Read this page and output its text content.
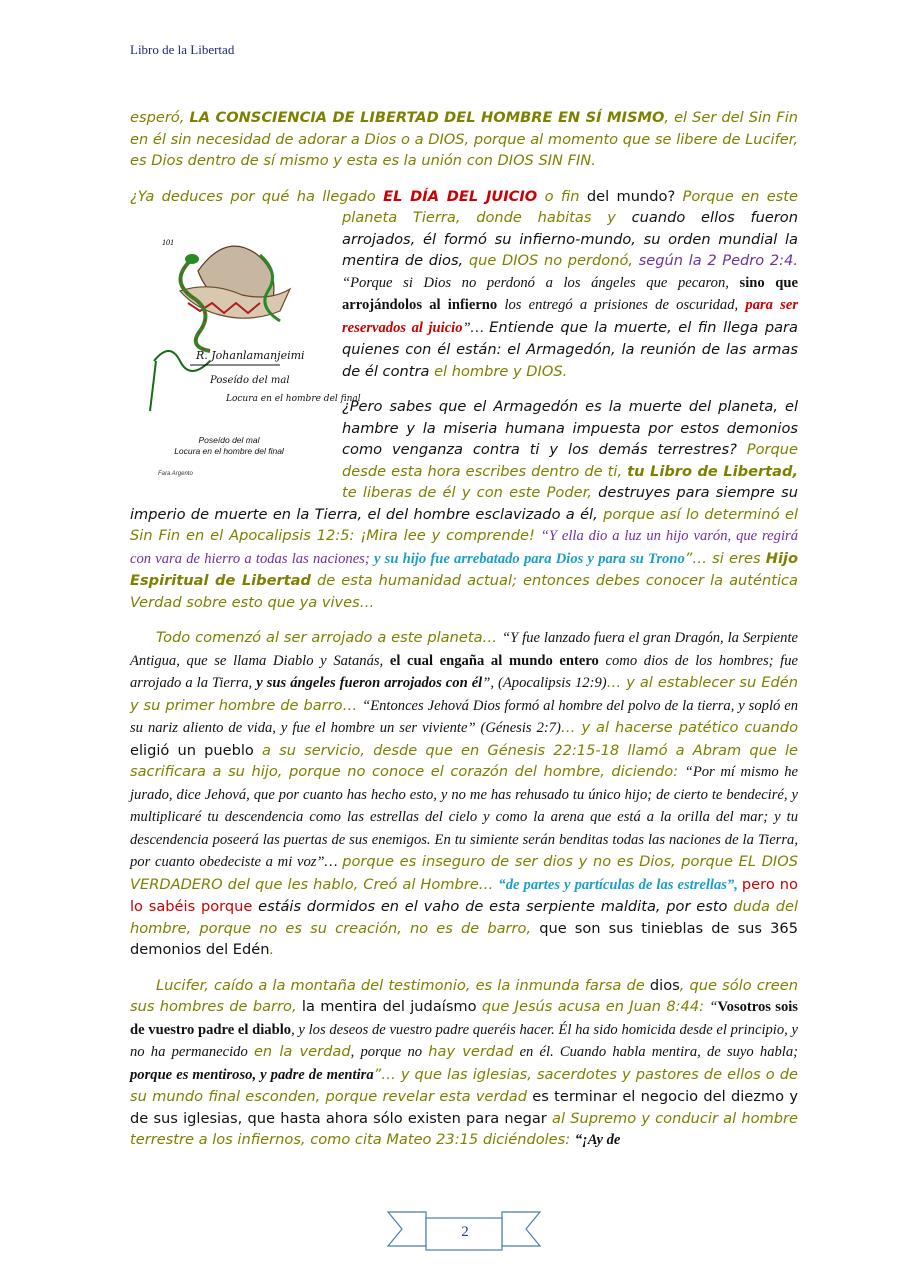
Libro de la Libertad

esperó, LA CONSCIENCIA DE LIBERTAD DEL HOMBRE EN SÍ MISMO, el Ser del Sin Fin en él sin necesidad de adorar a Dios o a DIOS, porque al momento que se libere de Lucifer, es Dios dentro de sí mismo y esta es la unión con DIOS SIN FIN.

¿Ya deduces por qué ha llegado EL DÍA DEL JUICIO o fin del mundo? Porque en este planeta Tierra, donde habitas y
101
R. Johanlamanjeimi
Poseído del mal
Locura en el hombre del final
Poseído del mal
Locura en el hombre del final
Fara Argento
cuando ellos fueron arrojados, él formó su infierno-mundo, su orden mundial la mentira de dios, que DIOS no perdonó, según la 2 Pedro 2:4. “Porque si Dios no perdonó a los ángeles que pecaron, sino que arrojándolos al infierno los entregó a prisiones de oscuridad, para ser reservados al juicio”… Entiende que la muerte, el fin llega para quienes con él están: el Armagedón, la reunión de las armas de él contra el hombre y DIOS.

¿Pero sabes que el Armagedón es la muerte del planeta, el hambre y la miseria humana impuesta por estos demonios como venganza contra ti y los demás terrestres? Porque desde esta hora escribes dentro de ti, tu Libro de Libertad, te liberas de él y con este Poder, destruyes para siempre su imperio de muerte en la Tierra, el del hombre esclavizado a él, porque así lo determinó el Sin Fin en el Apocalipsis 12:5: ¡Mira lee y comprende! “Y ella dio a luz un hijo varón, que regirá con vara de hierro a todas las naciones; y su hijo fue arrebatado para Dios y para su Trono”… si eres Hijo Espiritual de Libertad de esta humanidad actual; entonces debes conocer la auténtica Verdad sobre esto que ya vives…

Todo comenzó al ser arrojado a este planeta… “Y fue lanzado fuera el gran Dragón, la Serpiente Antigua, que se llama Diablo y Satanás, el cual engaña al mundo entero como dios de los hombres; fue arrojado a la Tierra, y sus ángeles fueron arrojados con él”, (Apocalipsis 12:9)… y al establecer su Edén y su primer hombre de barro… “Entonces Jehová Dios formó al hombre del polvo de la tierra, y sopló en su nariz aliento de vida, y fue el hombre un ser viviente” (Génesis 2:7)… y al hacerse patético cuando eligió un pueblo a su servicio, desde que en Génesis 22:15-18 llamó a Abram que le sacrificara a su hijo, porque no conoce el corazón del hombre, diciendo: “Por mí mismo he jurado, dice Jehová, que por cuanto has hecho esto, y no me has rehusado tu único hijo; de cierto te bendeciré, y multiplicaré tu descendencia como las estrellas del cielo y como la arena que está a la orilla del mar; y tu descendencia poseerá las puertas de sus enemigos. En tu simiente serán benditas todas las naciones de la Tierra, por cuanto obedeciste a mi voz”… porque es inseguro de ser dios y no es Dios, porque EL DIOS VERDADERO del que les hablo, Creó al Hombre… “de partes y partículas de las estrellas”, pero no lo sabéis porque estáis dormidos en el vaho de esta serpiente maldita, por esto duda del hombre, porque no es su creación, no es de barro, que son sus tinieblas de sus 365 demonios del Edén.

Lucifer, caído a la montaña del testimonio, es la inmunda farsa de dios, que sólo creen sus hombres de barro, la mentira del judaísmo que Jesús acusa en Juan 8:44: “Vosotros sois de vuestro padre el diablo, y los deseos de vuestro padre queréis hacer. Él ha sido homicida desde el principio, y no ha permanecido en la verdad, porque no hay verdad en él. Cuando habla mentira, de suyo habla; porque es mentiroso, y padre de mentira”… y que las iglesias, sacerdotes y pastores de ellos o de su mundo final esconden, porque revelar esta verdad es terminar el negocio del diezmo y de sus iglesias, que hasta ahora sólo existen para negar al Supremo y conducir al hombre terrestre a los infiernos, como cita Mateo 23:15 diciéndoles: “¡Ay de

2
